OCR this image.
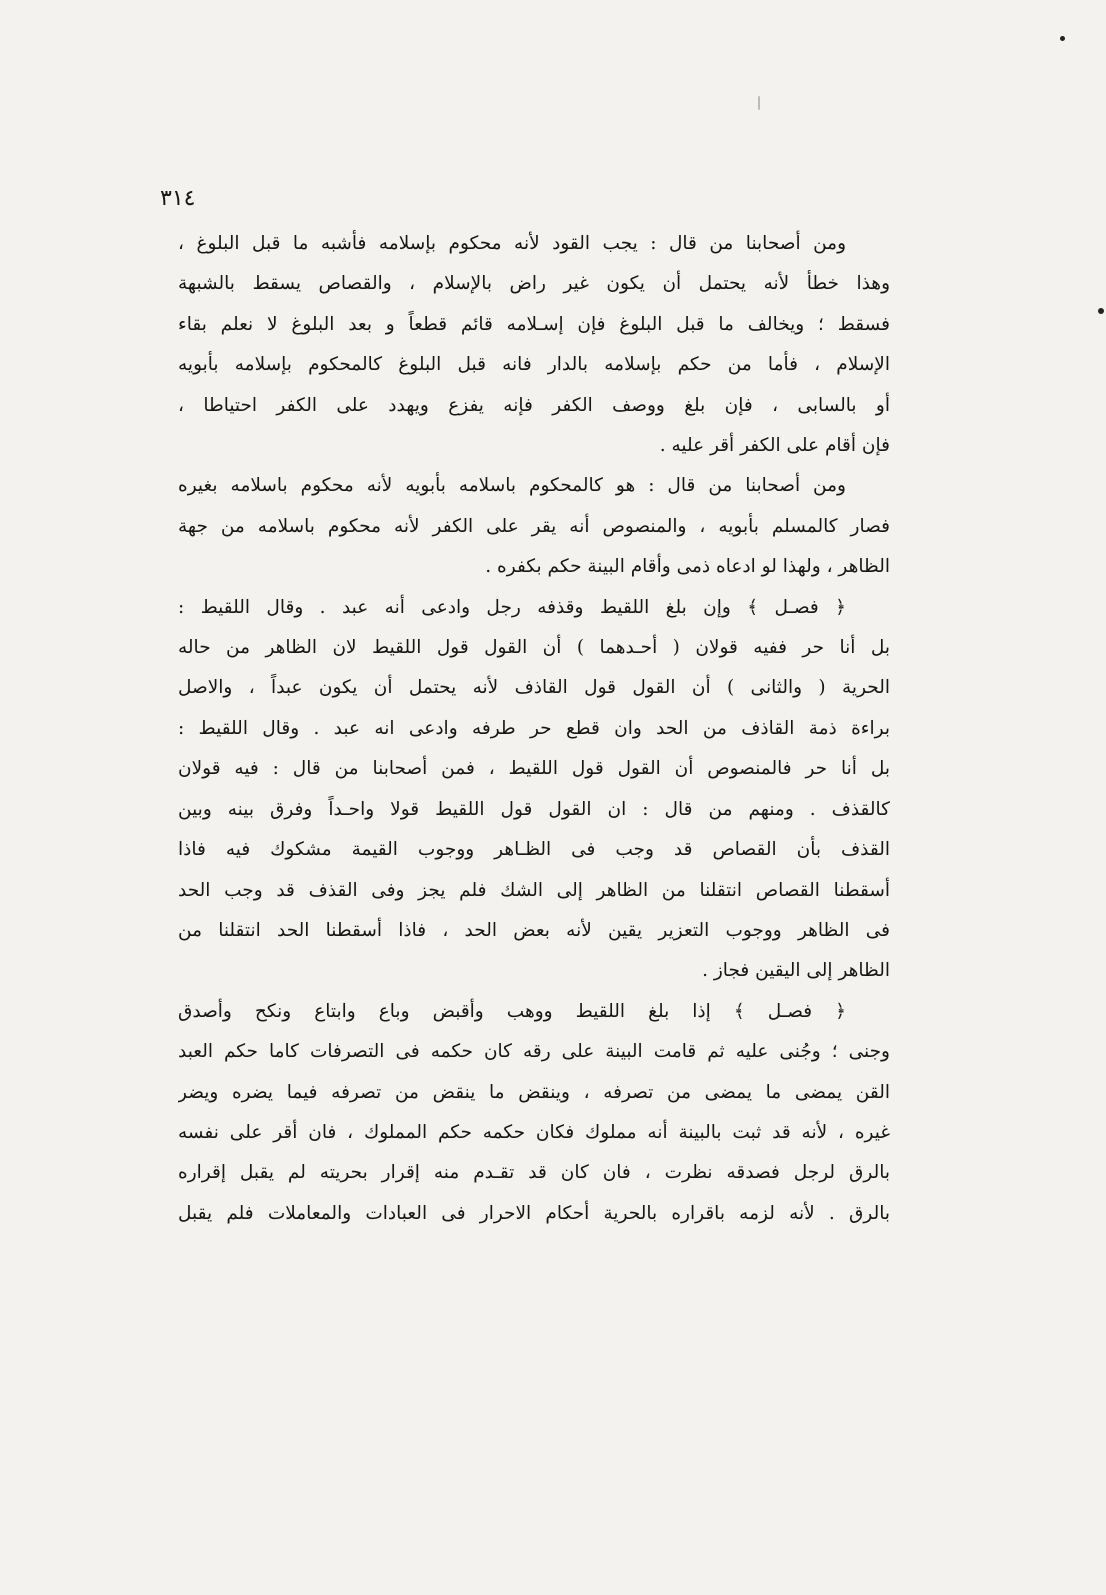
٣١٤

ومن أصحابنا من قال : يجب القود لأنه محكوم بإسلامه فأشبه ما قبل البلوغ ،
وهذا خطأ لأنه يحتمل أن يكون غير راض بالإسلام ، والقصاص يسقط بالشبهة
فسقط ؛ ويخالف ما قبل البلوغ فإن إسـلامه قائم قطعاً و بعد البلوغ لا نعلم بقاء
الإسلام ، فأما من حكم بإسلامه بالدار فانه قبل البلوغ كالمحكوم بإسلامه بأبويه
أو بالسابى ، فإن بلغ ووصف الكفر فإنه يفزع ويهدد على الكفر احتياطا ،
فإن أقام على الكفر أقر عليه .

ومن أصحابنا من قال : هو كالمحكوم باسلامه بأبويه لأنه محكوم باسلامه بغيره
فصار كالمسلم بأبويه ، والمنصوص أنه يقر على الكفر لأنه محكوم باسلامه من جهة
الظاهر ، ولهذا لو ادعاه ذمى وأقام البينة حكم بكفره .

﴿ فصـل ﴾ وإن بلغ اللقيط وقذفه رجل وادعى أنه عبد . وقال اللقيط :
بل أنا حر ففيه قولان ( أحـدهما ) أن القول قول اللقيط لان الظاهر من حاله
الحرية ( والثانى ) أن القول قول القاذف لأنه يحتمل أن يكون عبداً ، والاصل
براءة ذمة القاذف من الحد وان قطع حر طرفه وادعى انه عبد . وقال اللقيط :
بل أنا حر فالمنصوص أن القول قول اللقيط ، فمن أصحابنا من قال : فيه قولان
كالقذف . ومنهم من قال : ان القول قول اللقيط قولا واحـداً وفرق بينه وبين
القذف بأن القصاص قد وجب فى الظـاهر ووجوب القيمة مشكوك فيه فاذا
أسقطنا القصاص انتقلنا من الظاهر إلى الشك فلم يجز وفى القذف قد وجب الحد
فى الظاهر ووجوب التعزير يقين لأنه بعض الحد ، فاذا أسقطنا الحد انتقلنا من
الظاهر إلى اليقين فجاز .

﴿ فصـل ﴾ إذا بلغ اللقيط ووهب وأقبض وباع وابتاع ونكح وأصدق
وجنى ؛ وجُنى عليه ثم قامت البينة على رقه كان حكمه فى التصرفات كاما حكم العبد
القن يمضى ما يمضى من تصرفه ، وينقض ما ينقض من تصرفه فيما يضره ويضر
غيره ، لأنه قد ثبت بالبينة أنه مملوك فكان حكمه حكم المملوك ، فان أقر على نفسه
بالرق لرجل فصدقه نظرت ، فان كان قد تقـدم منه إقرار بحريته لم يقبل إقراره
بالرق . لأنه لزمه باقراره بالحرية أحكام الاحرار فى العبادات والمعاملات فلم يقبل
